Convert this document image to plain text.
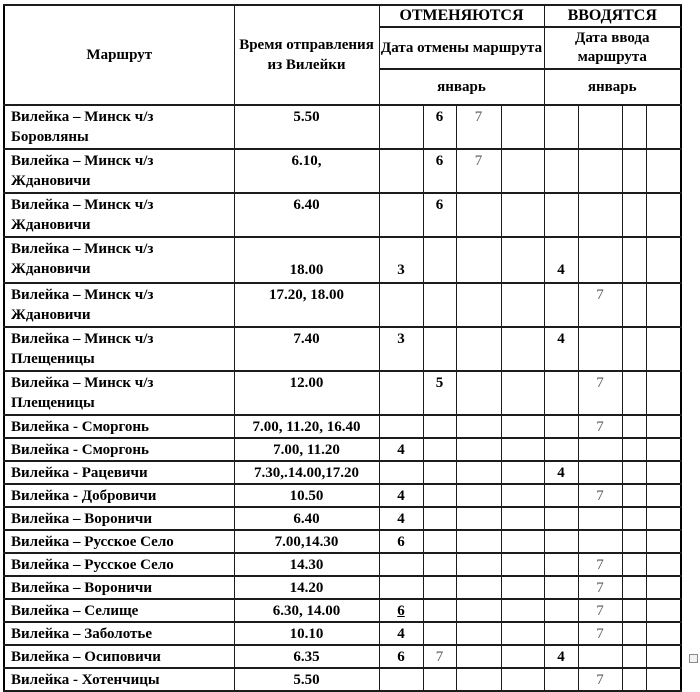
Маршрут	Время отправления из Вилейки	ОТМЕНЯЮТСЯ				ВВОДЯТСЯ			
		Дата отмены маршрута				Дата ввода маршрута			
		январь				январь			
Вилейка – Минск ч/з Боровляны	5.50		6	7					
Вилейка – Минск ч/з Ждановичи	6.10,		6	7					
Вилейка – Минск ч/з Ждановичи	6.40		6						
Вилейка – Минск ч/з Ждановичи	18.00	3				4			
Вилейка – Минск ч/з Ждановичи	17.20, 18.00						7		
Вилейка – Минск ч/з Плещеницы	7.40	3				4			
Вилейка – Минск ч/з Плещеницы	12.00		5				7		
Вилейка - Сморгонь	7.00, 11.20, 16.40						7		
Вилейка - Сморгонь	7.00, 11.20	4							
Вилейка - Рацевичи	7.30,.14.00,17.20					4			
Вилейка - Добровичи	10.50	4					7		
Вилейка – Вороничи	6.40	4							
Вилейка – Русское Село	7.00,14.30	6							
Вилейка – Русское Село	14.30						7		
Вилейка – Вороничи	14.20						7		
Вилейка – Селище	6.30, 14.00	6					7		
Вилейка – Заболотье	10.10	4					7		
Вилейка – Осиповичи	6.35	6	7			4			
Вилейка - Хотенчицы	5.50						7		
